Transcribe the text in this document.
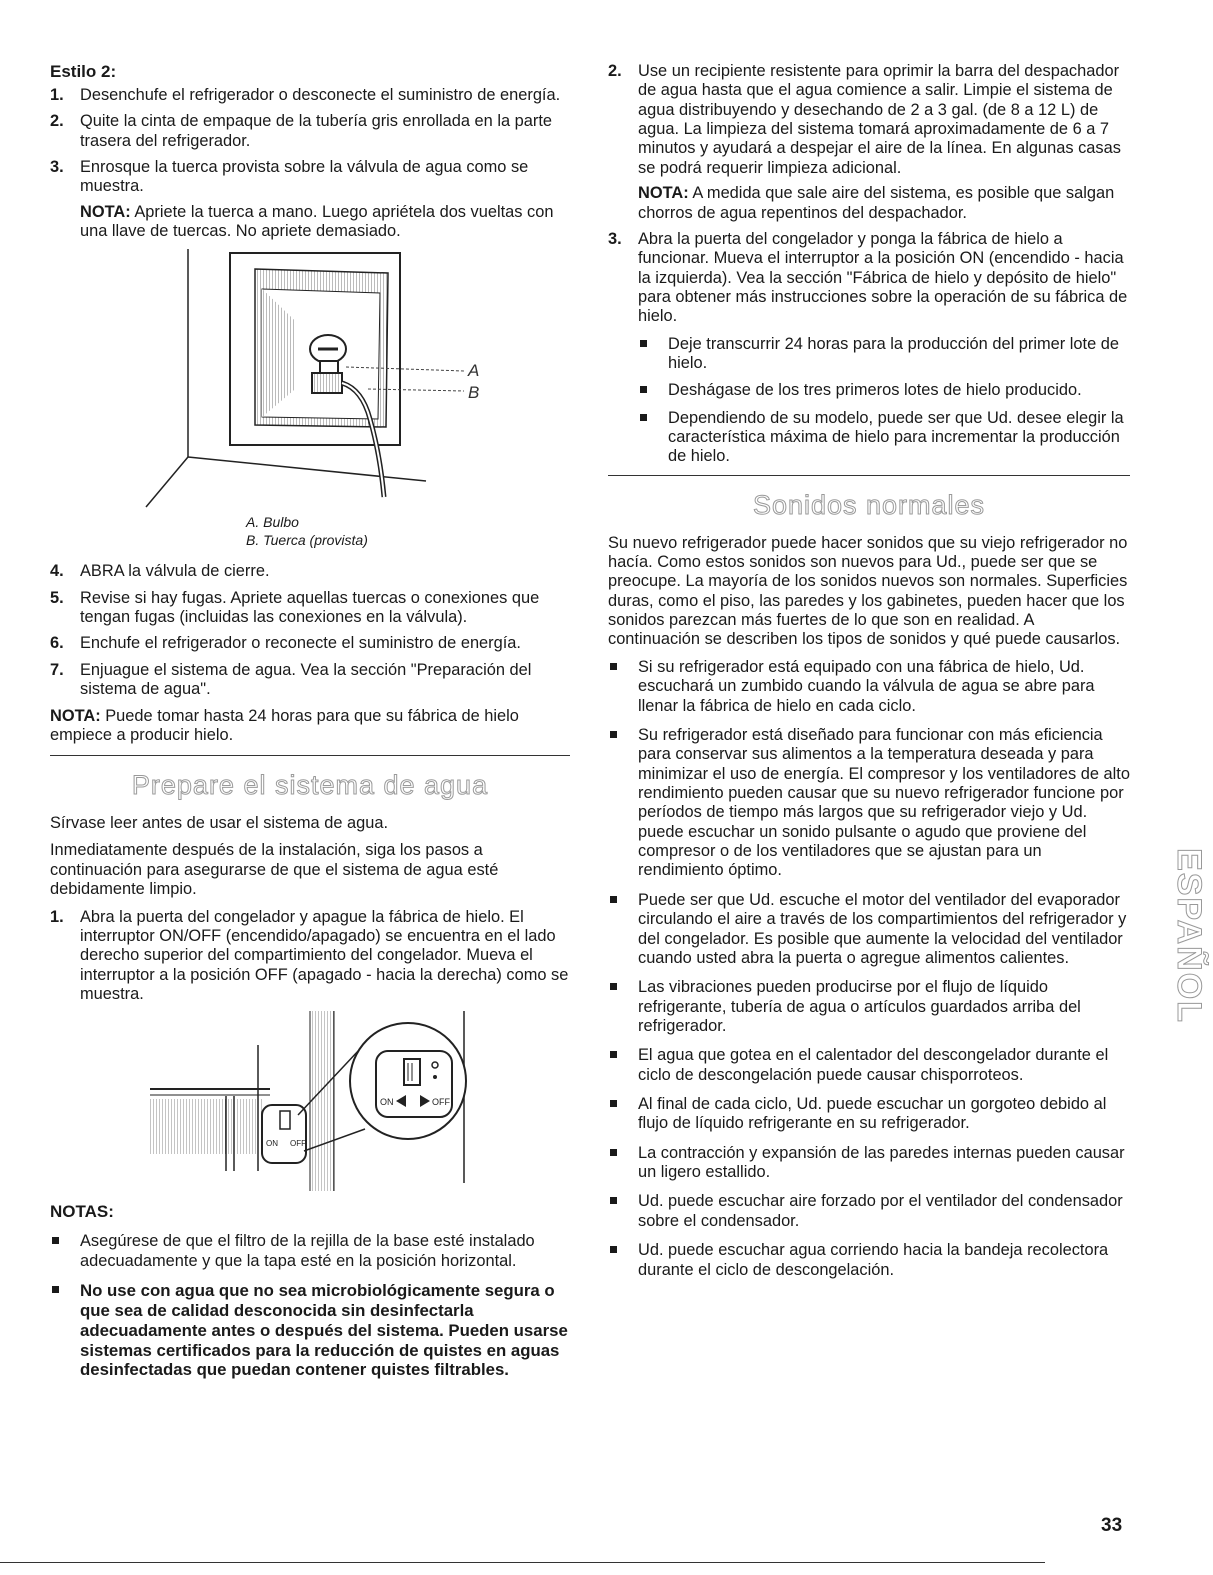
Estilo 2:
1. Desenchufe el refrigerador o desconecte el suministro de energía.
2. Quite la cinta de empaque de la tubería gris enrollada en la parte trasera del refrigerador.
3. Enrosque la tuerca provista sobre la válvula de agua como se muestra.
NOTA: Apriete la tuerca a mano. Luego apriétela dos vueltas con una llave de tuercas. No apriete demasiado.
A
B
A. Bulbo
B. Tuerca (provista)
4. ABRA la válvula de cierre.
5. Revise si hay fugas. Apriete aquellas tuercas o conexiones que tengan fugas (incluidas las conexiones en la válvula).
6. Enchufe el refrigerador o reconecte el suministro de energía.
7. Enjuague el sistema de agua. Vea la sección "Preparación del sistema de agua".

NOTA: Puede tomar hasta 24 horas para que su fábrica de hielo empiece a producir hielo.

Prepare el sistema de agua

Sírvase leer antes de usar el sistema de agua.

Inmediatamente después de la instalación, siga los pasos a continuación para asegurarse de que el sistema de agua esté debidamente limpio.

1. Abra la puerta del congelador y apague la fábrica de hielo. El interruptor ON/OFF (encendido/apagado) se encuentra en el lado derecho superior del compartimiento del congelador. Mueva el interruptor a la posición OFF (apagado - hacia la derecha) como se muestra.
ON OFF
ON	OFF
NOTAS:
Asegúrese de que el filtro de la rejilla de la base esté instalado adecuadamente y que la tapa esté en la posición horizontal.
No use con agua que no sea microbiológicamente segura o que sea de calidad desconocida sin desinfectarla adecuadamente antes o después del sistema. Pueden usarse sistemas certificados para la reducción de quistes en aguas desinfectadas que puedan contener quistes filtrables.
2. Use un recipiente resistente para oprimir la barra del despachador de agua hasta que el agua comience a salir. Limpie el sistema de agua distribuyendo y desechando de 2 a 3 gal. (de 8 a 12 L) de agua. La limpieza del sistema tomará aproximadamente de 6 a 7 minutos y ayudará a despejar el aire de la línea. En algunas casas se podrá requerir limpieza adicional.
NOTA: A medida que sale aire del sistema, es posible que salgan chorros de agua repentinos del despachador.
3. Abra la puerta del congelador y ponga la fábrica de hielo a funcionar. Mueva el interruptor a la posición ON (encendido - hacia la izquierda). Vea la sección "Fábrica de hielo y depósito de hielo" para obtener más instrucciones sobre la operación de su fábrica de hielo.
Deje transcurrir 24 horas para la producción del primer lote de hielo.
Deshágase de los tres primeros lotes de hielo producido.
Dependiendo de su modelo, puede ser que Ud. desee elegir la característica máxima de hielo para incrementar la producción de hielo.
Sonidos normales

Su nuevo refrigerador puede hacer sonidos que su viejo refrigerador no hacía. Como estos sonidos son nuevos para Ud., puede ser que se preocupe. La mayoría de los sonidos nuevos son normales. Superficies duras, como el piso, las paredes y los gabinetes, pueden hacer que los sonidos parezcan más fuertes de lo que son en realidad. A continuación se describen los tipos de sonidos y qué puede causarlos.

Si su refrigerador está equipado con una fábrica de hielo, Ud. escuchará un zumbido cuando la válvula de agua se abre para llenar la fábrica de hielo en cada ciclo.
Su refrigerador está diseñado para funcionar con más eficiencia para conservar sus alimentos a la temperatura deseada y para minimizar el uso de energía. El compresor y los ventiladores de alto rendimiento pueden causar que su nuevo refrigerador funcione por períodos de tiempo más largos que su refrigerador viejo y Ud. puede escuchar un sonido pulsante o agudo que proviene del compresor o de los ventiladores que se ajustan para un rendimiento óptimo.
Puede ser que Ud. escuche el motor del ventilador del evaporador circulando el aire a través de los compartimientos del refrigerador y del congelador. Es posible que aumente la velocidad del ventilador cuando usted abra la puerta o agregue alimentos calientes.
Las vibraciones pueden producirse por el flujo de líquido refrigerante, tubería de agua o artículos guardados arriba del refrigerador.
El agua que gotea en el calentador del descongelador durante el ciclo de descongelación puede causar chisporroteos.
Al final de cada ciclo, Ud. puede escuchar un gorgoteo debido al flujo de líquido refrigerante en su refrigerador.
La contracción y expansión de las paredes internas pueden causar un ligero estallido.
Ud. puede escuchar aire forzado por el ventilador del condensador sobre el condensador.
Ud. puede escuchar agua corriendo hacia la bandeja recolectora durante el ciclo de descongelación.
ESPAÑOL
33
